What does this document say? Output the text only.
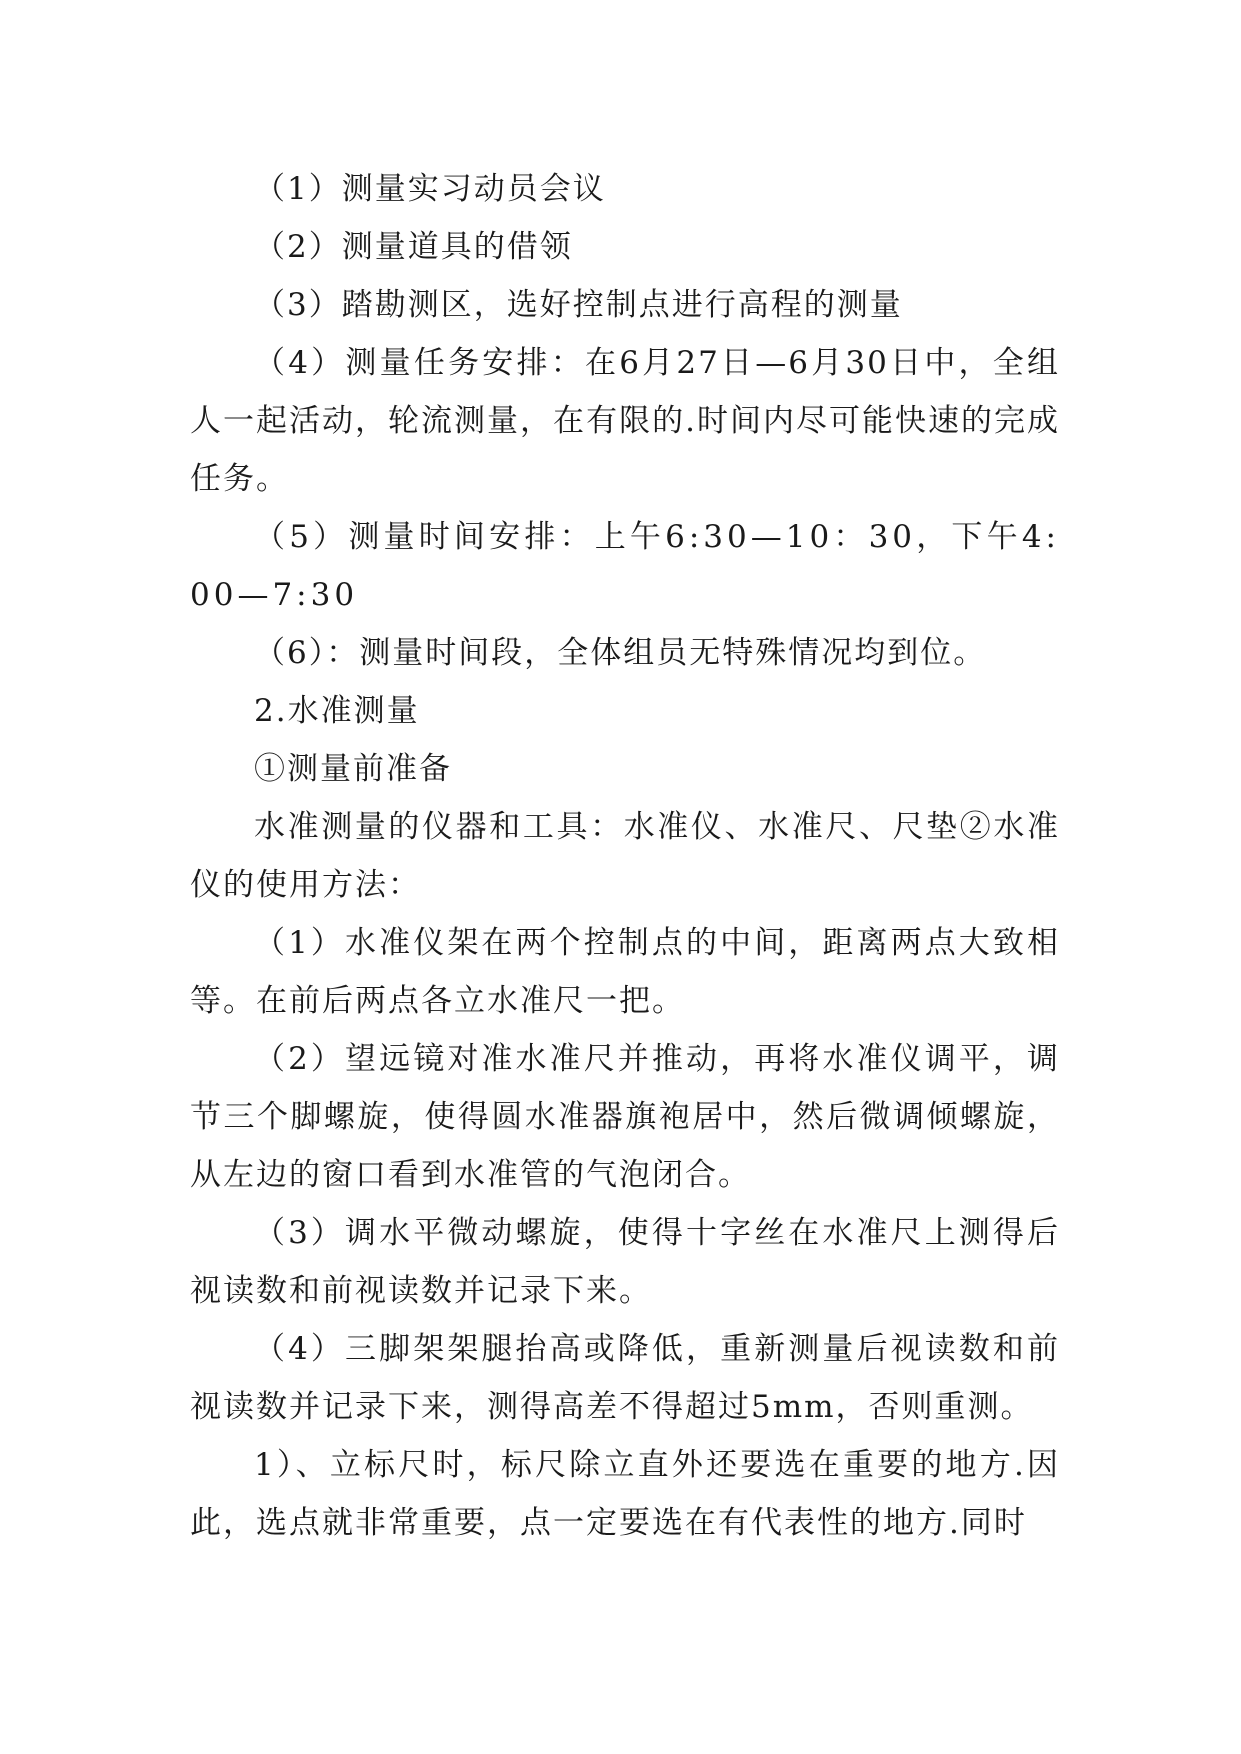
（1）测量实习动员会议

（2）测量道具的借领

（3）踏勘测区，选好控制点进行高程的测量

（4）测量任务安排：在6月27日—6月30日中，全组人一起活动，轮流测量，在有限的.时间内尽可能快速的完成任务。

（5）测量时间安排：上午6:30—10：30，下午4:00—7:30

（6）：测量时间段，全体组员无特殊情况均到位。

2.水准测量

①测量前准备

水准测量的仪器和工具：水准仪、水准尺、尺垫②水准仪的使用方法：

（1）水准仪架在两个控制点的中间，距离两点大致相等。在前后两点各立水准尺一把。

（2）望远镜对准水准尺并推动，再将水准仪调平，调节三个脚螺旋，使得圆水准器旗袍居中，然后微调倾螺旋，从左边的窗口看到水准管的气泡闭合。

（3）调水平微动螺旋，使得十字丝在水准尺上测得后视读数和前视读数并记录下来。

（4）三脚架架腿抬高或降低，重新测量后视读数和前视读数并记录下来，测得高差不得超过5mm，否则重测。

1）、立标尺时，标尺除立直外还要选在重要的地方.因此，选点就非常重要，点一定要选在有代表性的地方.同时
